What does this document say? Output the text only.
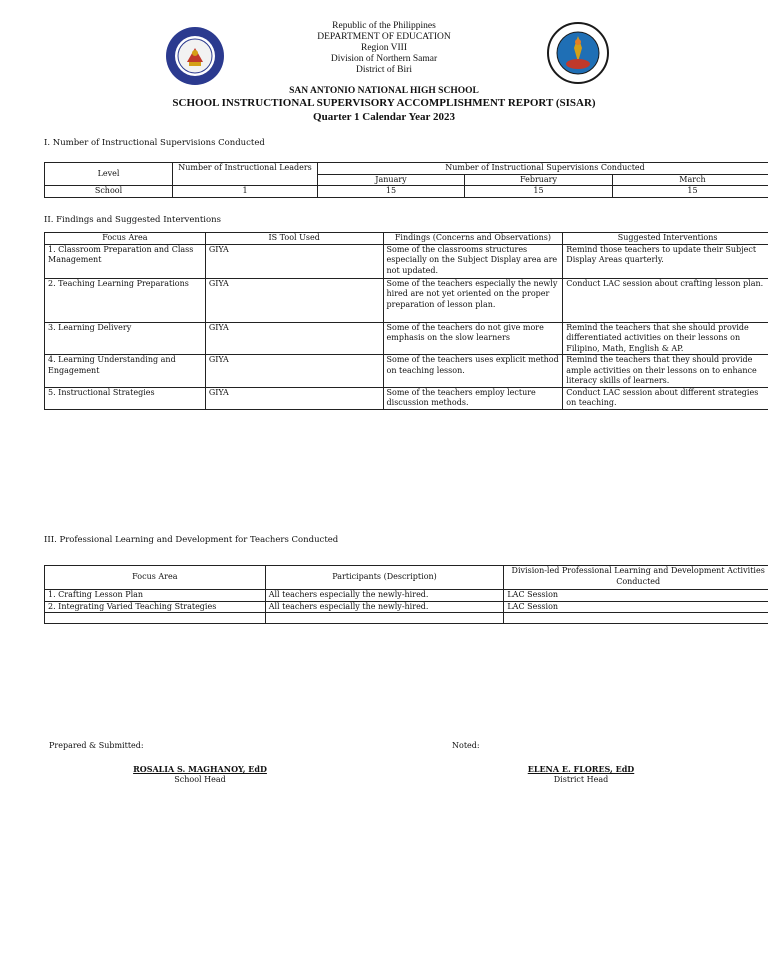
Republic of the Philippines
DEPARTMENT OF EDUCATION
Region VIII
Division of Northern Samar
District of Biri
SAN ANTONIO NATIONAL HIGH SCHOOL
SCHOOL INSTRUCTIONAL SUPERVISORY ACCOMPLISHMENT REPORT (SISAR)
Quarter 1 Calendar Year 2023
I. Number of Instructional Supervisions Conducted
Level	Number of Instructional Leaders	Number of Instructional Supervisions Conducted		
		January	February	March
School	1	15	15	15
II. Findings and Suggested Interventions
Focus Area	IS Tool Used	Findings (Concerns and Observations)	Suggested Interventions
1. Classroom Preparation and Class Management	GIYA	Some of the classrooms structures especially on the Subject Display area are not updated.	Remind those teachers to update their Subject Display Areas quarterly.
2. Teaching Learning Preparations	GIYA	Some of the teachers especially the newly hired are not yet oriented on the proper preparation of lesson plan.	Conduct LAC session about crafting lesson plan.
3. Learning Delivery	GIYA	Some of the teachers do not give more emphasis on the slow learners	Remind the teachers that she should provide differentiated activities on their lessons on Filipino, Math, English & AP.
4. Learning Understanding and Engagement	GIYA	Some of the teachers uses explicit method on teaching lesson.	Remind the teachers that they should provide ample activities on their lessons on to enhance literacy skills of learners.
5. Instructional Strategies	GIYA	Some of the teachers employ lecture discussion methods.	Conduct LAC session about different strategies on teaching.
III. Professional Learning and Development for Teachers Conducted
Focus Area	Participants (Description)	Division-led Professional Learning and Development Activities Conducted
1. Crafting Lesson Plan	All teachers especially the newly-hired.	LAC Session
2. Integrating Varied Teaching Strategies	All teachers especially the newly-hired.	LAC Session

Prepared & Submitted:
ROSALIA S. MAGHANOY, EdD
School Head
Noted:
ELENA E. FLORES, EdD
District Head
